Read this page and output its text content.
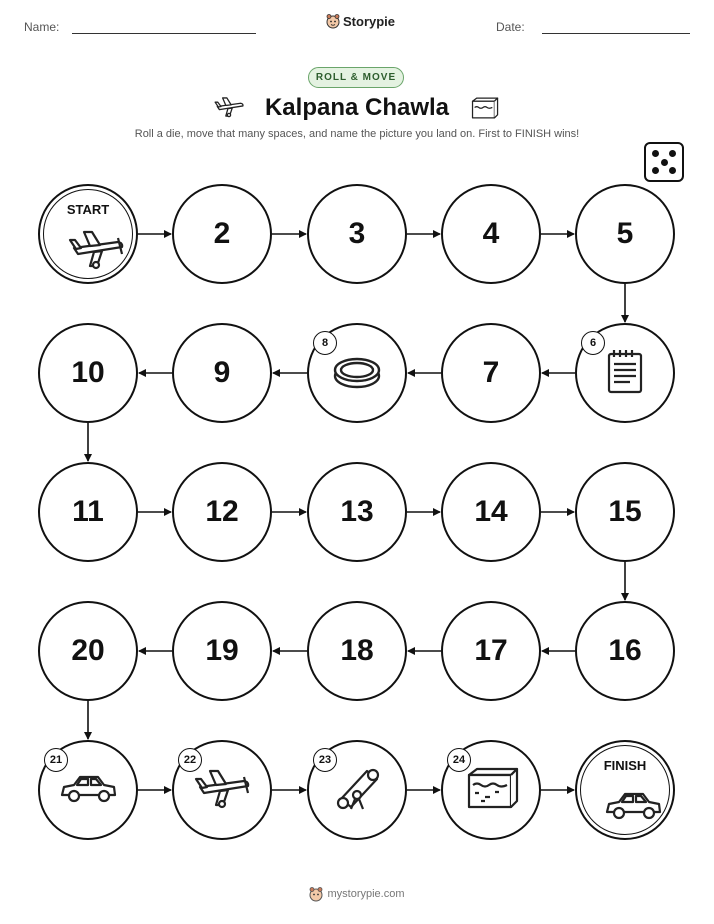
Name:	Storypie	Date:
ROLL & MOVE
Kalpana Chawla
Roll a die, move that many spaces, and name the picture you land on. First to FINISH wins!
START
2	3	4	5
6
7
8
9
10
11	12	13	14	15
16
17
18
19
20
21	22	23	24	FINISH
mystorypie.com
